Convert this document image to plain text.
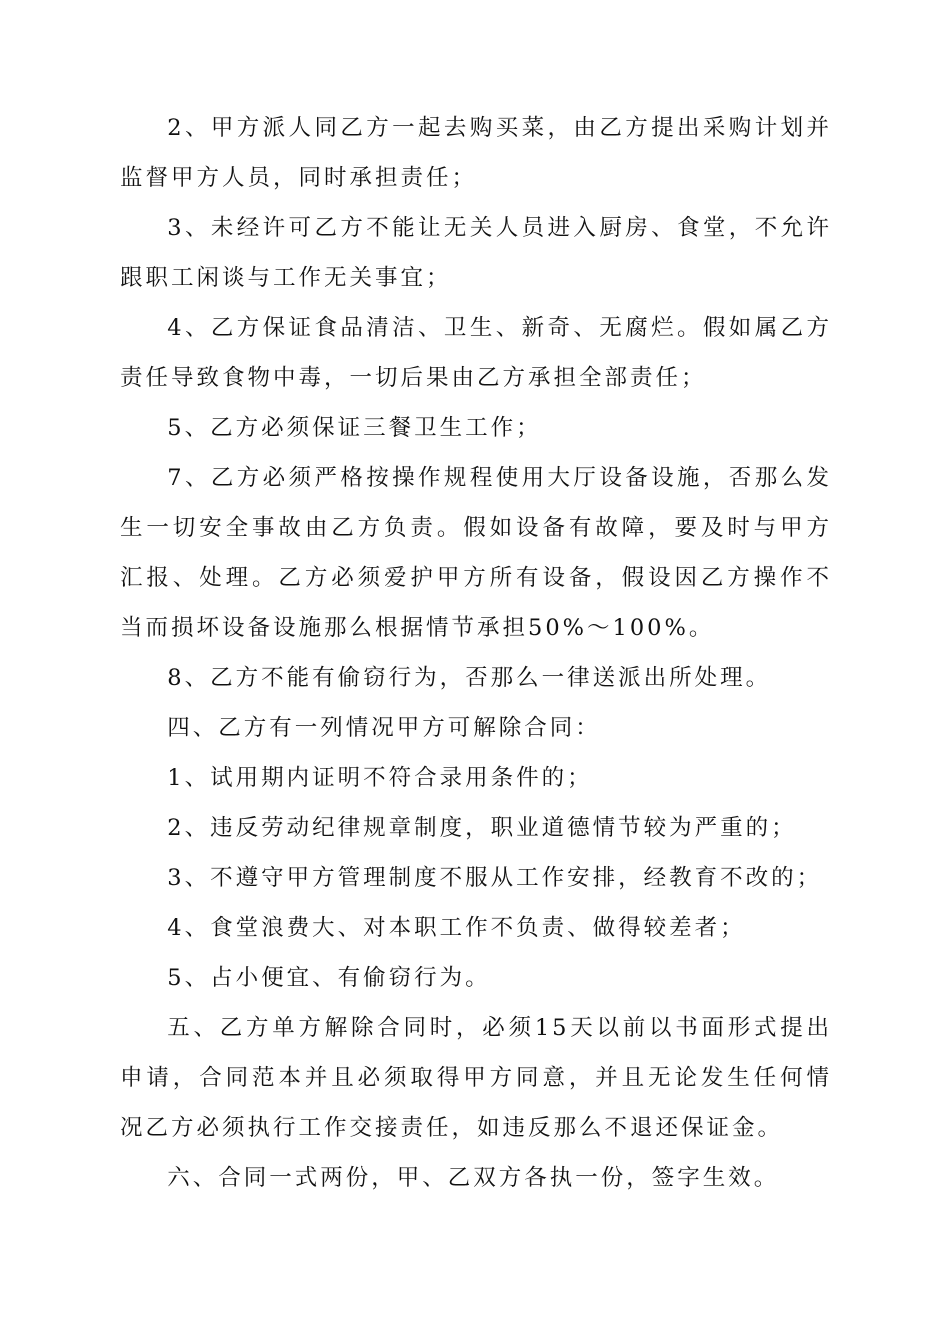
2、甲方派人同乙方一起去购买菜，由乙方提出采购计划并监督甲方人员，同时承担责任；

3、未经许可乙方不能让无关人员进入厨房、食堂，不允许跟职工闲谈与工作无关事宜；

4、乙方保证食品清洁、卫生、新奇、无腐烂。假如属乙方责任导致食物中毒，一切后果由乙方承担全部责任；

5、乙方必须保证三餐卫生工作；

7、乙方必须严格按操作规程使用大厅设备设施，否那么发生一切安全事故由乙方负责。假如设备有故障，要及时与甲方汇报、处理。乙方必须爱护甲方所有设备，假设因乙方操作不当而损坏设备设施那么根据情节承担50%～100%。

8、乙方不能有偷窃行为，否那么一律送派出所处理。

四、乙方有一列情况甲方可解除合同：

1、试用期内证明不符合录用条件的；

2、违反劳动纪律规章制度，职业道德情节较为严重的；

3、不遵守甲方管理制度不服从工作安排，经教育不改的；

4、食堂浪费大、对本职工作不负责、做得较差者；

5、占小便宜、有偷窃行为。

五、乙方单方解除合同时，必须15天以前以书面形式提出申请，合同范本并且必须取得甲方同意，并且无论发生任何情况乙方必须执行工作交接责任，如违反那么不退还保证金。

六、合同一式两份，甲、乙双方各执一份，签字生效。
